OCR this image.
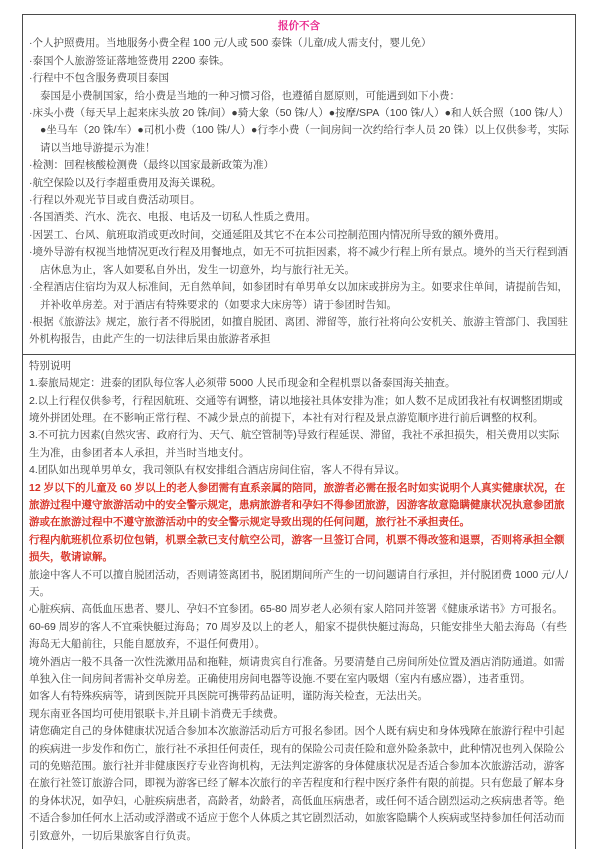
报价不含

·个人护照费用。当地服务小费全程 100 元/人或 500 泰铢（儿童/成人需支付，婴儿免）

·泰国个人旅游签证落地签费用 2200 泰铢。

·行程中不包含服务费项目泰国

泰国是小费制国家，给小费是当地的一种习惯习俗，也遵循自愿原则，可能遇到如下小费：

·床头小费（每天早上起来床头放 20 铢/间）●骑大象（50 铢/人）●按摩/SPA（100 铢/人）●和人妖合照（100 铢/人）●坐马车（20 铢/车）●司机小费（100 铢/人）●行李小费（一间房间一次约给行李人员 20 铢）以上仅供参考，实际请以当地导游提示为准！

·检测：回程核酸检测费（最终以国家最新政策为准）

·航空保险以及行李超重费用及海关课税。

·行程以外观光节目或自费活动项目。

·各国酒类、汽水、洗衣、电报、电话及一切私人性质之费用。

·因罢工、台风、航班取消或更改时间，交通延阻及其它不在本公司控制范围内情况所导致的额外费用。

·境外导游有权视当地情况更改行程及用餐地点，如无不可抗拒因素，将不减少行程上所有景点。境外的当天行程到酒店休息为止，客人如要私自外出，发生一切意外，均与旅行社无关。

·全程酒店住宿均为双人标准间，无自然单间，如参团时有单男单女以加床或拼房为主。如要求住单间，请提前告知，并补收单房差。对于酒店有特殊要求的（如要求大床房等）请于参团时告知。

·根据《旅游法》规定，旅行者不得脱团，如擅自脱团、离团、滞留等，旅行社将向公安机关、旅游主管部门、我国驻外机构报告，由此产生的一切法律后果由旅游者承担

特别说明

1.泰旅局规定：进泰的团队每位客人必须带 5000 人民币现金和全程机票以备泰国海关抽查。

2.以上行程仅供参考，行程因航班、交通等有调整，请以地接社具体安排为准；如人数不足成团我社有权调整团期或境外拼团处理。在不影响正常行程、不减少景点的前提下，本社有对行程及景点游览顺序进行前后调整的权利。

3.不可抗力因素(自然灾害、政府行为、天气、航空管制等)导致行程延误、滞留，我社不承担损失，相关费用以实际生为准，由参团者本人承担，并当时当地支付。

4.团队如出现单男单女，我司领队有权安排组合酒店房间住宿，客人不得有异议。

12 岁以下的儿童及 60 岁以上的老人参团需有直系亲属的陪同，旅游者必需在报名时如实说明个人真实健康状况，在旅游过程中遵守旅游活动中的安全警示规定，患病旅游者和孕妇不得参团旅游，因游客故意隐瞒健康状况执意参团旅游或在旅游过程中不遵守旅游活动中的安全警示规定导致出现的任何问题，旅行社不承担责任。

行程内航班机位系切位包销，机票全款已支付航空公司，游客一旦签订合同，机票不得改签和退票，否则将承担全额损失，敬请谅解。

旅途中客人不可以擅自脱团活动，否则请签离团书，脱团期间所产生的一切问题请自行承担，并付脱团费 1000 元/人/天。

心脏疾病、高低血压患者、婴儿、孕妇不宜参团。65-80 周岁老人必须有家人陪同并签署《健康承诺书》方可报名。60-69 周岁的客人不宜乘快艇过海岛；70 周岁及以上的老人，船家不提供快艇过海岛，只能安排坐大船去海岛（有些海岛无大船前往，只能自愿放弃，不退任何费用）。

境外酒店一般不具备一次性洗漱用品和拖鞋，烦请贵宾自行准备。另要清楚自己房间所处位置及酒店消防通道。如需单独入住一间房间者需补交单房差。正确使用房间电器等设施.不要在室内吸烟（室内有感应器），违者重罚。

如客人有特殊疾病等，请到医院开具医院可携带药品证明，谨防海关检查，无法出关。

现东南亚各国均可使用银联卡,并且刷卡消费无手续费。

请您确定自己的身体健康状况适合参加本次旅游活动后方可报名参团。因个人既有病史和身体残障在旅游行程中引起的疾病进一步发作和伤亡，旅行社不承担任何责任，现有的保险公司责任险和意外险条款中，此种情况也列入保险公司的免赔范围。旅行社并非健康医疗专业咨询机构，无法判定游客的身体健康状况是否适合参加本次旅游活动，游客在旅行社签订旅游合同，即视为游客已经了解本次旅行的辛苦程度和行程中医疗条件有限的前提。只有您最了解本身的身体状况，如孕妇，心脏疾病患者，高龄者，幼龄者，高低血压病患者，或任何不适合剧烈运动之疾病患者等。绝不适合参加任何水上活动或浮潜或不适应于您个人体质之其它剧烈活动，如旅客隐瞒个人疾病或坚持参加任何活动而引致意外，一切后果旅客自行负责。
